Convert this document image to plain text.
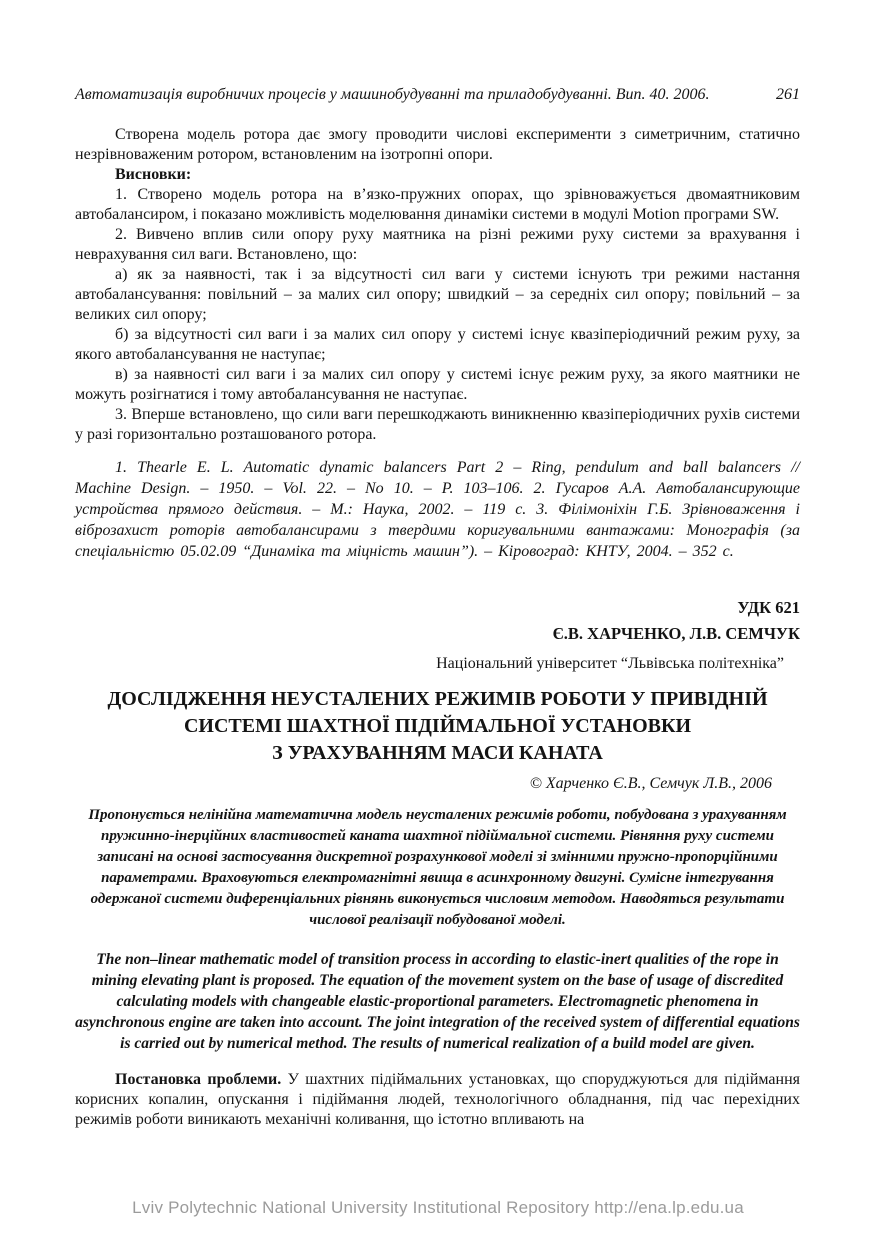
Автоматизація виробничих процесів у машинобудуванні та приладобудуванні. Вип. 40. 2006.	261

Створена модель ротора дає змогу проводити числові експерименти з симетричним, статично незрівноваженим ротором, встановленим на ізотропні опори.

Висновки:

1. Створено модель ротора на в’язко-пружних опорах, що зрівноважується двомаятниковим автобалансиром, і показано можливість моделювання динаміки системи в модулі Motion програми SW.

2. Вивчено вплив сили опору руху маятника на різні режими руху системи за врахування і неврахування сил ваги. Встановлено, що:

а) як за наявності, так і за відсутності сил ваги у системи існують три режими настання автобалансування: повільний – за малих сил опору; швидкий – за середніх сил опору; повільний – за великих сил опору;

б) за відсутності сил ваги і за малих сил опору у системі існує квазіперіодичний режим руху, за якого автобалансування не наступає;

в) за наявності сил ваги і за малих сил опору у системі існує режим руху, за якого маятники не можуть розігнатися і тому автобалансування не наступає.

3. Вперше встановлено, що сили ваги перешкоджають виникненню квазіперіодичних рухів системи у разі горизонтально розташованого ротора.

1. Thearle E. L. Automatic dynamic balancers Part 2 – Ring, pendulum and ball balancers // Machine Design. – 1950. – Vol. 22. – No 10. – P. 103–106. 2. Гусаров А.А. Автобалансирующие устройства прямого действия. – М.: Наука, 2002. – 119 с. 3. Філімоніхін Г.Б. Зрівноваження і віброзахист роторів автобалансирами з твердими коригувальними вантажами: Монографія (за спеціальністю 05.02.09 “Динаміка та міцність машин”). – Кіровоград: КНТУ, 2004. – 352 с.

УДК 621
Є.В. ХАРЧЕНКО, Л.В. СЕМЧУК
Національний університет “Львівська політехніка”
ДОСЛІДЖЕННЯ НЕУСТАЛЕНИХ РЕЖИМІВ РОБОТИ У ПРИВІДНІЙ
СИСТЕМІ ШАХТНОЇ ПІДІЙМАЛЬНОЇ УСТАНОВКИ
З УРАХУВАННЯМ МАСИ КАНАТА
© Харченко Є.В., Семчук Л.В., 2006

Пропонується нелінійна математична модель неусталених режимів роботи, побудована з урахуванням пружинно-інерційних властивостей каната шахтної підіймальної системи. Рівняння руху системи записані на основі застосування дискретної розрахункової моделі зі змінними пружно-пропорційними параметрами. Враховуються електромагнітні явища в асинхронному двигуні. Сумісне інтегрування одержаної системи диференціальних рівнянь виконується числовим методом. Наводяться результати числової реалізації побудованої моделі.

The non–linear mathematic model of transition process in according to elastic-inert qualities of the rope in mining elevating plant is proposed. The equation of the movement system on the base of usage of discredited calculating models with changeable elastic-proportional parameters. Electromagnetic phenomena in asynchronous engine are taken into account. The joint integration of the received system of differential equations is carried out by numerical method. The results of numerical realization of a build model are given.

Постановка проблеми. У шахтних підіймальних установках, що споруджуються для підіймання корисних копалин, опускання і підіймання людей, технологічного обладнання, під час перехідних режимів роботи виникають механічні коливання, що істотно впливають на

Lviv Polytechnic National University Institutional Repository http://ena.lp.edu.ua
